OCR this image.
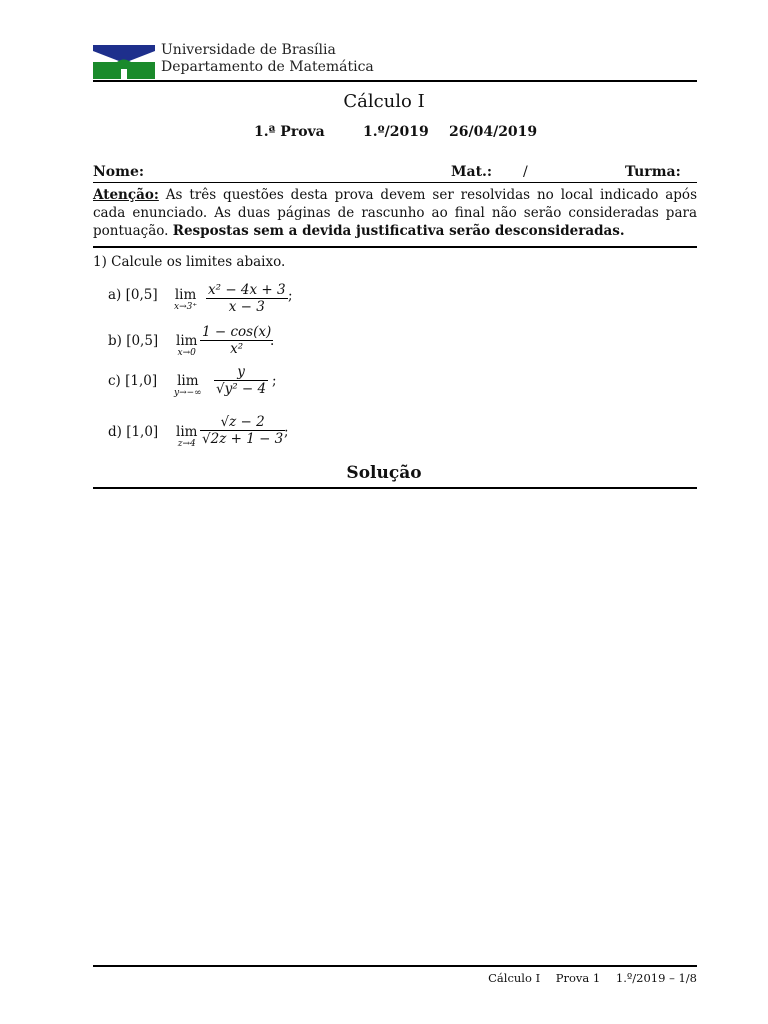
Universidade de Brasília
Departamento de Matemática
Cálculo I
1.ª Prova	1.º/2019 26/04/2019
Nome:	Mat.: /	Turma:
Atenção: As três questões desta prova devem ser resolvidas no local indicado após cada enunciado. As duas páginas de rascunho ao final não serão consideradas para pontuação. Respostas sem a devida justificativa serão desconsideradas.
1) Calcule os limites abaixo.
a) [0,5] lim
x→3⁺
x² − 4x + 3
x − 3
;
b) [0,5] lim
x→0
1 − cos(x)
x² .
c) [1,0] lim
y→−∞
y
√y² − 4 ;
d) [1,0] lim
z→4
√z − 2
√2z + 1 − 3 ;
Solução
Cálculo I Prova 1 1.º/2019 – 1/8
